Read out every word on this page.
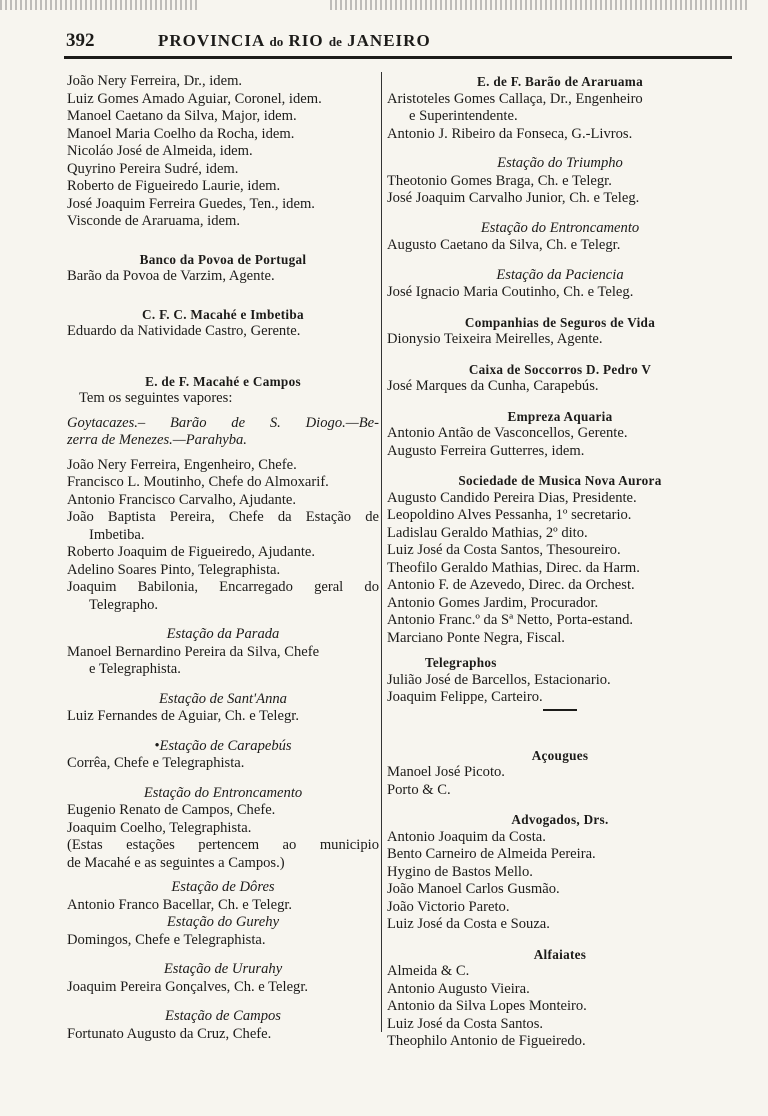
392	PROVINCIA do RIO de JANEIRO
João Nery Ferreira, Dr., idem.
Luiz Gomes Amado Aguiar, Coronel, idem.
Manoel Caetano da Silva, Major, idem.
Manoel Maria Coelho da Rocha, idem.
Nicoláo José de Almeida, idem.
Quyrino Pereira Sudré, idem.
Roberto de Figueiredo Laurie, idem.
José Joaquim Ferreira Guedes, Ten., idem.
Visconde de Araruama, idem.
Banco da Povoa de Portugal
Barão da Povoa de Varzim, Agente.
C. F. C. Macahé e Imbetiba
Eduardo da Natividade Castro, Gerente.
E. de F. Macahé e Campos
Tem os seguintes vapores:
Goytacazes.– Barão de S. Diogo.—Be-
zerra de Menezes.—Parahyba.
João Nery Ferreira, Engenheiro, Chefe.
Francisco L. Moutinho, Chefe do Almoxarif.
Antonio Francisco Carvalho, Ajudante.
João Baptista Pereira, Chefe da Estação de
Imbetiba.
Roberto Joaquim de Figueiredo, Ajudante.
Adelino Soares Pinto, Telegraphista.
Joaquim Babilonia, Encarregado geral do
Telegrapho.
Estação da Parada
Manoel Bernardino Pereira da Silva, Chefe
e Telegraphista.
Estação de Sant'Anna
Luiz Fernandes de Aguiar, Ch. e Telegr.
•Estação de Carapebús
Corrêa, Chefe e Telegraphista.
Estação do Entroncamento
Eugenio Renato de Campos, Chefe.
Joaquim Coelho, Telegraphista.
(Estas estações pertencem ao municipio
de Macahé e as seguintes a Campos.)
Estação de Dôres
Antonio Franco Bacellar, Ch. e Telegr.
Estação do Gurehy
Domingos, Chefe e Telegraphista.
Estação de Ururahy
Joaquim Pereira Gonçalves, Ch. e Telegr.
Estação de Campos
Fortunato Augusto da Cruz, Chefe.
E. de F. Barão de Araruama
Aristoteles Gomes Callaça, Dr., Engenheiro
e Superintendente.
Antonio J. Ribeiro da Fonseca, G.-Livros.
Estação do Triumpho
Theotonio Gomes Braga, Ch. e Telegr.
José Joaquim Carvalho Junior, Ch. e Teleg.
Estação do Entroncamento
Augusto Caetano da Silva, Ch. e Telegr.
Estação da Paciencia
José Ignacio Maria Coutinho, Ch. e Teleg.
Companhias de Seguros de Vida
Dionysio Teixeira Meirelles, Agente.
Caixa de Soccorros D. Pedro V
José Marques da Cunha, Carapebús.
Empreza Aquaria
Antonio Antão de Vasconcellos, Gerente.
Augusto Ferreira Gutterres, idem.
Sociedade de Musica Nova Aurora
Augusto Candido Pereira Dias, Presidente.
Leopoldino Alves Pessanha, 1º secretario.
Ladislau Geraldo Mathias, 2º dito.
Luiz José da Costa Santos, Thesoureiro.
Theofilo Geraldo Mathias, Direc. da Harm.
Antonio F. de Azevedo, Direc. da Orchest.
Antonio Gomes Jardim, Procurador.
Antonio Franc.º da Sª Netto, Porta-estand.
Marciano Ponte Negra, Fiscal.
Telegraphos
Julião José de Barcellos, Estacionario.
Joaquim Felippe, Carteiro.
Açougues
Manoel José Picoto.
Porto & C.
Advogados, Drs.
Antonio Joaquim da Costa.
Bento Carneiro de Almeida Pereira.
Hygino de Bastos Mello.
João Manoel Carlos Gusmão.
João Victorio Pareto.
Luiz José da Costa e Souza.
Alfaiates
Almeida & C.
Antonio Augusto Vieira.
Antonio da Silva Lopes Monteiro.
Luiz José da Costa Santos.
Theophilo Antonio de Figueiredo.
